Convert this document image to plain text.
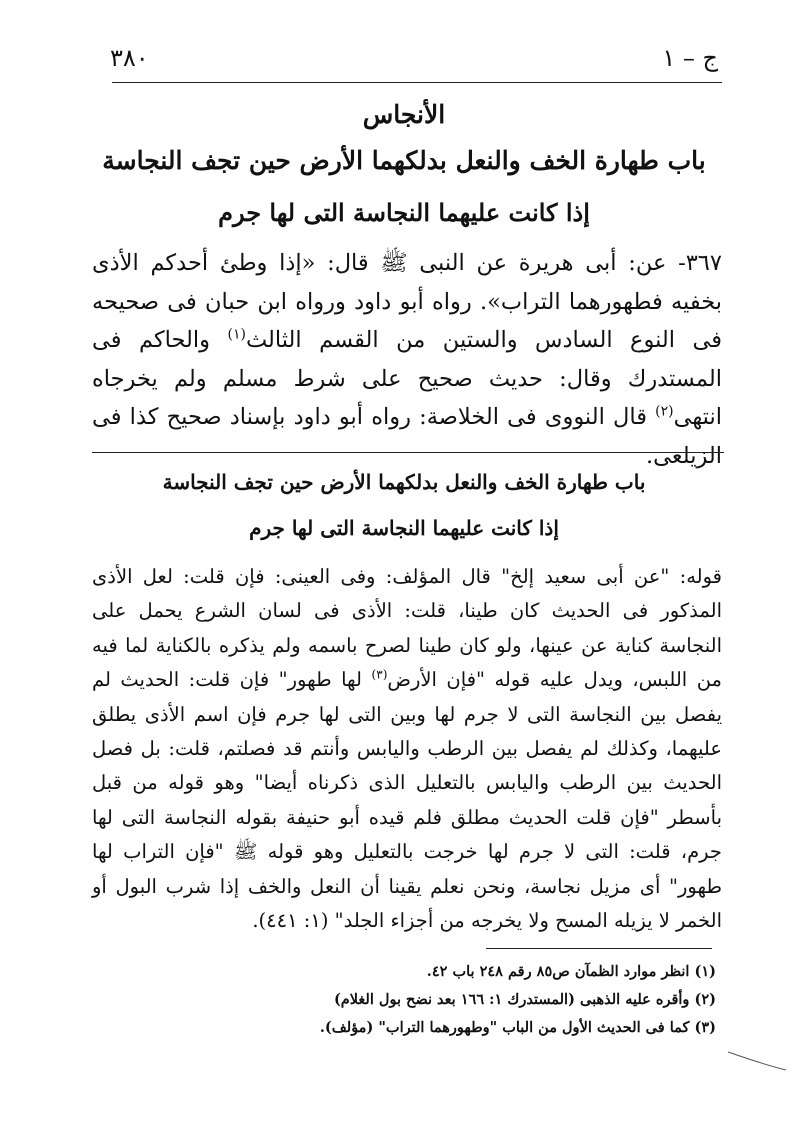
ج – ١
٣٨٠
الأنجاس
باب طهارة الخف والنعل بدلكهما الأرض حين تجف النجاسة
إذا كانت عليهما النجاسة التى لها جرم
٣٦٧- عن: أبى هريرة عن النبى ﷺ قال: «إذا وطئ أحدكم الأذى بخفيه فطهورهما التراب». رواه أبو داود ورواه ابن حبان فى صحيحه فى النوع السادس والستين من القسم الثالث$^{(١)}$ والحاكم فى المستدرك وقال: حديث صحيح على شرط مسلم ولم يخرجاه انتهى$^{(٢)}$ قال النووى فى الخلاصة: رواه أبو داود بإسناد صحيح كذا فى الزيلعى.
باب طهارة الخف والنعل بدلكهما الأرض حين تجف النجاسة
إذا كانت عليهما النجاسة التى لها جرم
قوله: "عن أبى سعيد إلخ" قال المؤلف: وفى العينى: فإن قلت: لعل الأذى المذكور فى الحديث كان طينا، قلت: الأذى فى لسان الشرع يحمل على النجاسة كناية عن عينها، ولو كان طينا لصرح باسمه ولم يذكره بالكناية لما فيه من اللبس، ويدل عليه قوله "فإن الأرض$^{(٣)}$ لها طهور" فإن قلت: الحديث لم يفصل بين النجاسة التى لا جرم لها وبين التى لها جرم فإن اسم الأذى يطلق عليهما، وكذلك لم يفصل بين الرطب واليابس وأنتم قد فصلتم، قلت: بل فصل الحديث بين الرطب واليابس بالتعليل الذى ذكرناه أيضا" وهو قوله من قبل بأسطر "فإن قلت الحديث مطلق فلم قيده أبو حنيفة بقوله النجاسة التى لها جرم، قلت: التى لا جرم لها خرجت بالتعليل وهو قوله ﷺ "فإن التراب لها طهور" أى مزيل نجاسة، ونحن نعلم يقينا أن النعل والخف إذا شرب البول أو الخمر لا يزيله المسح ولا يخرجه من أجزاء الجلد" (١: ٤٤١).
(١) انظر موارد الظمآن ص٨٥ رقم ٢٤٨ باب ٤٢.
(٢) وأقره عليه الذهبى (المستدرك ١: ١٦٦ بعد نضح بول الغلام)
(٣) كما فى الحديث الأول من الباب "وطهورهما التراب" (مؤلف).
